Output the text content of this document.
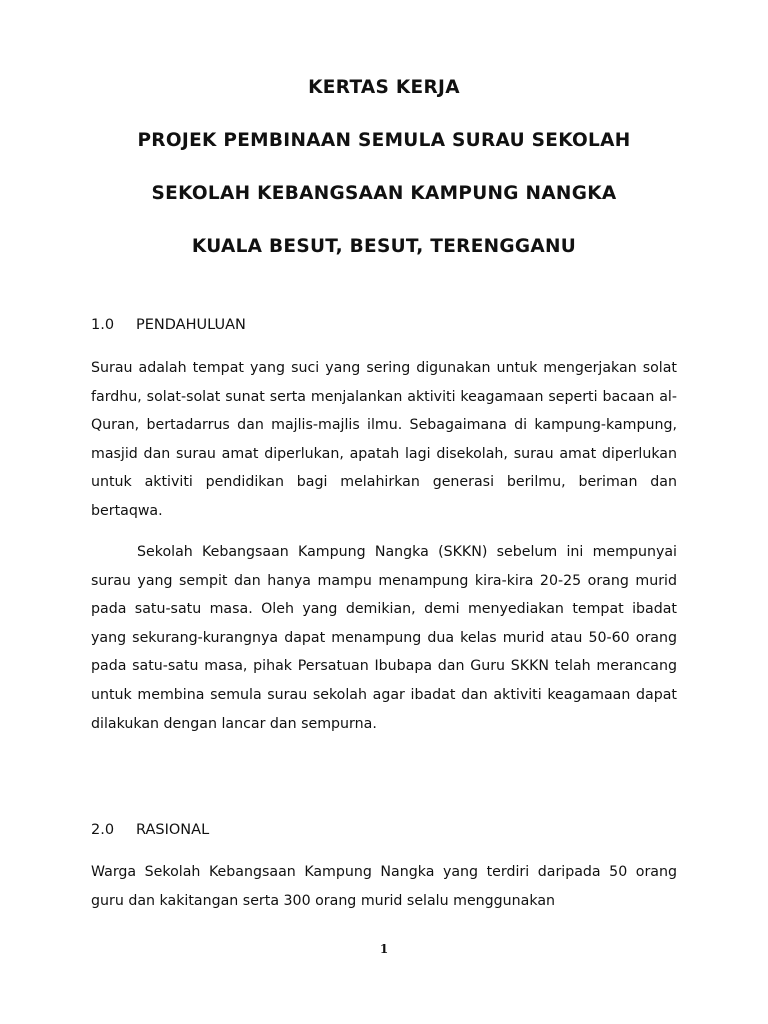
KERTAS KERJA
PROJEK PEMBINAAN SEMULA SURAU SEKOLAH
SEKOLAH KEBANGSAAN KAMPUNG NANGKA
KUALA BESUT, BESUT, TERENGGANU
1.0 PENDAHULUAN

Surau adalah tempat yang suci yang sering digunakan untuk mengerjakan solat fardhu, solat-solat sunat serta menjalankan aktiviti keagamaan seperti bacaan al-Quran, bertadarrus dan majlis-majlis ilmu. Sebagaimana di kampung-kampung, masjid dan surau amat diperlukan, apatah lagi disekolah, surau amat diperlukan untuk aktiviti pendidikan bagi melahirkan generasi berilmu, beriman dan bertaqwa.

Sekolah Kebangsaan Kampung Nangka (SKKN) sebelum ini mempunyai surau yang sempit dan hanya mampu menampung kira-kira 20-25 orang murid pada satu-satu masa. Oleh yang demikian, demi menyediakan tempat ibadat yang sekurang-kurangnya dapat menampung dua kelas murid atau 50-60 orang pada satu-satu masa, pihak Persatuan Ibubapa dan Guru SKKN telah merancang untuk membina semula surau sekolah agar ibadat dan aktiviti keagamaan dapat dilakukan dengan lancar dan sempurna.

2.0 RASIONAL

Warga Sekolah Kebangsaan Kampung Nangka yang terdiri daripada 50 orang guru dan kakitangan serta 300 orang murid selalu menggunakan

1
